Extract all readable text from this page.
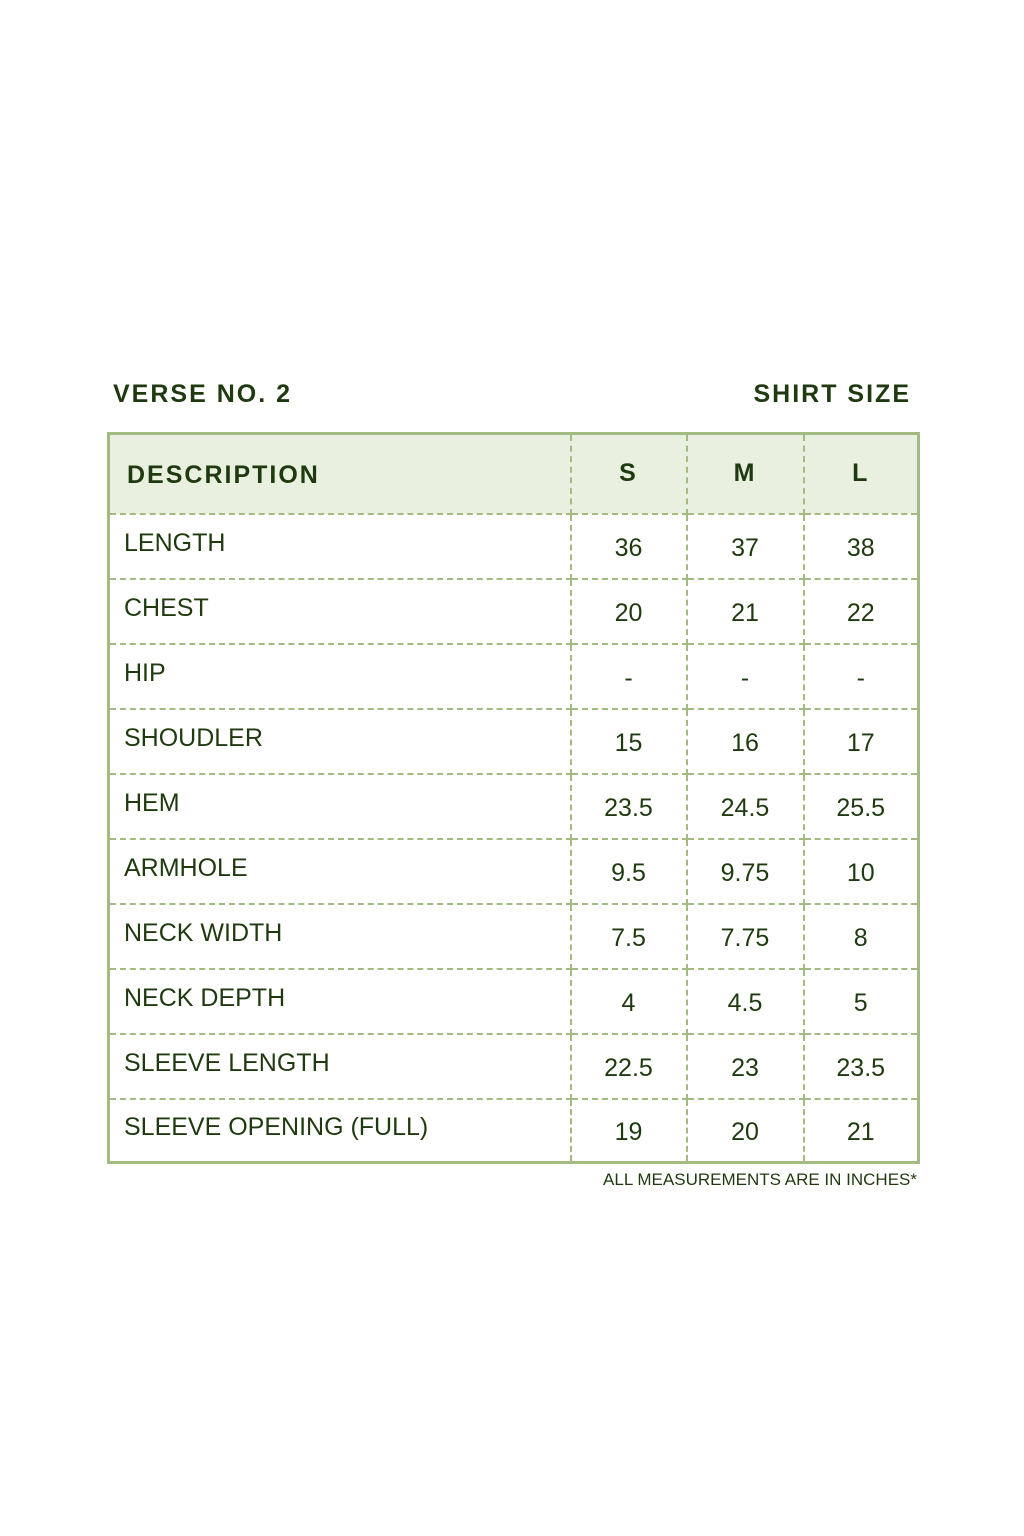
VERSE NO. 2	SHIRT SIZE
DESCRIPTION	S	M	L
LENGTH	36	37	38
CHEST	20	21	22
HIP	-	-	-
SHOUDLER	15	16	17
HEM	23.5	24.5	25.5
ARMHOLE	9.5	9.75	10
NECK WIDTH	7.5	7.75	8
NECK DEPTH	4	4.5	5
SLEEVE LENGTH	22.5	23	23.5
SLEEVE OPENING (FULL)	19	20	21
ALL MEASUREMENTS ARE IN INCHES*
